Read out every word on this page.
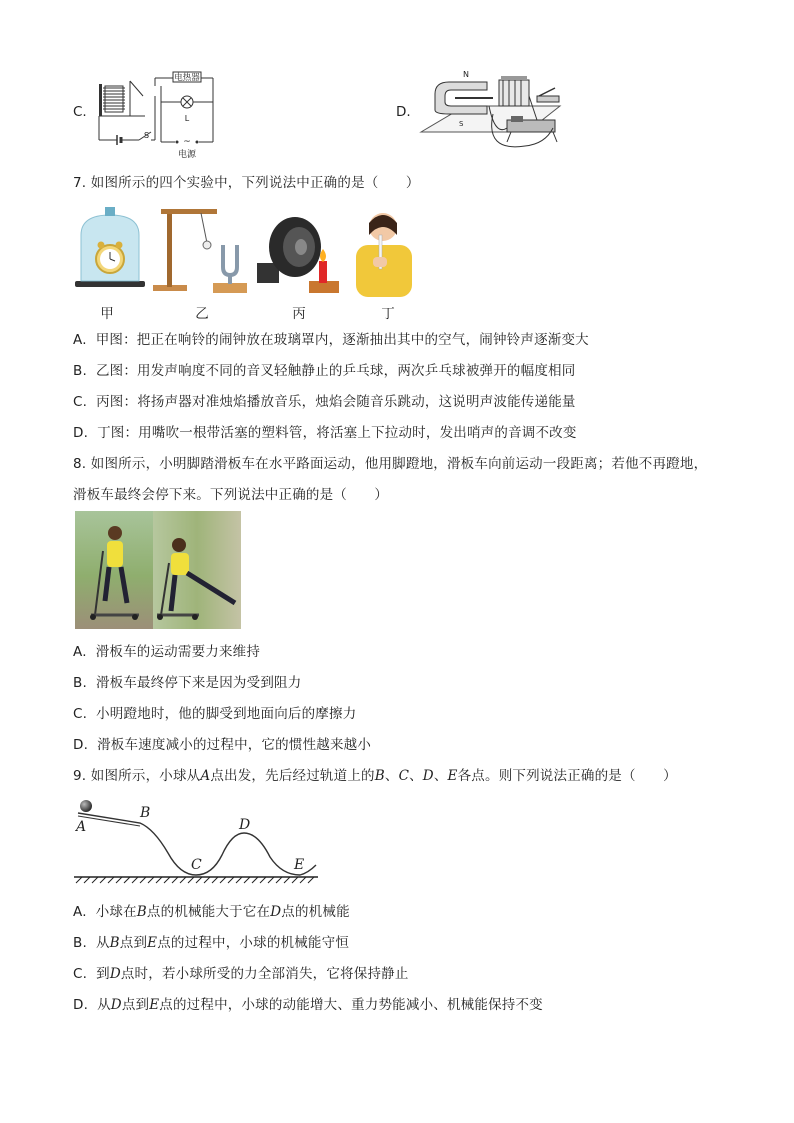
C.
电热器
L
S
~
电源
D.
N
S
7. 如图所示的四个实验中，下列说法中正确的是（　　）
甲	乙	丙	丁
A. 甲图：把正在响铃的闹钟放在玻璃罩内，逐渐抽出其中的空气，闹钟铃声逐渐变大
B. 乙图：用发声响度不同的音叉轻触静止的乒乓球，两次乒乓球被弹开的幅度相同
C. 丙图：将扬声器对准烛焰播放音乐，烛焰会随音乐跳动，这说明声波能传递能量
D. 丁图：用嘴吹一根带活塞的塑料管，将活塞上下拉动时，发出哨声的音调不改变
8. 如图所示，小明脚踏滑板车在水平路面运动，他用脚蹬地，滑板车向前运动一段距离；若他不再蹬地，
滑板车最终会停下来。下列说法中正确的是（　　）
A. 滑板车的运动需要力来维持
B. 滑板车最终停下来是因为受到阻力
C. 小明蹬地时，他的脚受到地面向后的摩擦力
D. 滑板车速度减小的过程中，它的惯性越来越小
9. 如图所示，小球从A点出发，先后经过轨道上的B、C、D、E各点。则下列说法正确的是（　　）
A
B
C
D
E
A. 小球在B点的机械能大于它在D点的机械能
B. 从B点到E点的过程中，小球的机械能守恒
C. 到D点时，若小球所受的力全部消失，它将保持静止
D. 从D点到E点的过程中，小球的动能增大、重力势能减小、机械能保持不变
